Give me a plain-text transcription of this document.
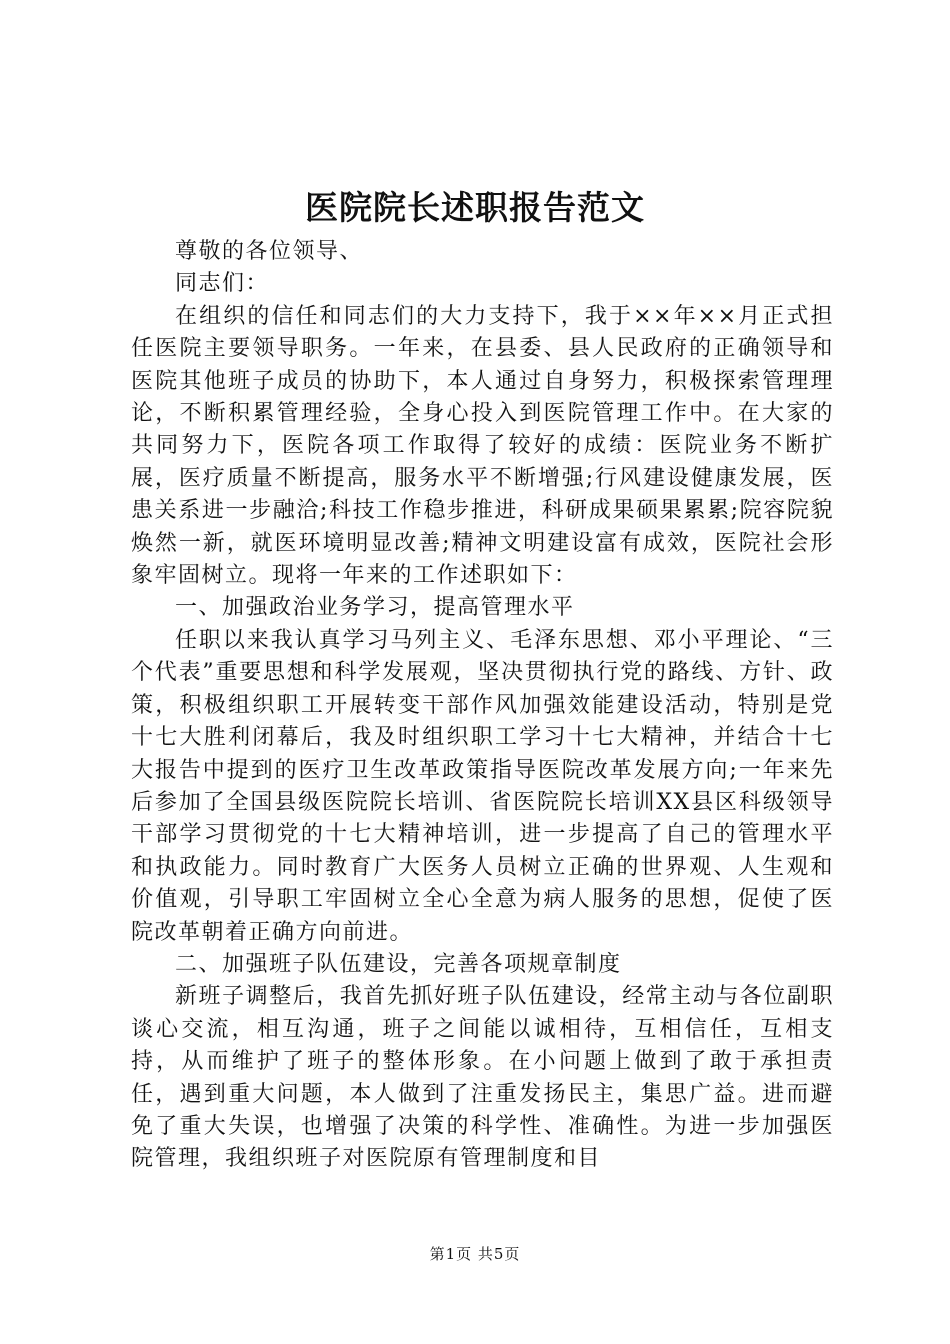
医院院长述职报告范文

尊敬的各位领导、

同志们：

在组织的信任和同志们的大力支持下，我于××年××月正式担任医院主要领导职务。一年来，在县委、县人民政府的正确领导和医院其他班子成员的协助下，本人通过自身努力，积极探索管理理论，不断积累管理经验，全身心投入到医院管理工作中。在大家的共同努力下，医院各项工作取得了较好的成绩：医院业务不断扩展，医疗质量不断提高，服务水平不断增强;行风建设健康发展，医患关系进一步融洽;科技工作稳步推进，科研成果硕果累累;院容院貌焕然一新，就医环境明显改善;精神文明建设富有成效，医院社会形象牢固树立。现将一年来的工作述职如下：

一、加强政治业务学习，提高管理水平

任职以来我认真学习马列主义、毛泽东思想、邓小平理论、“三个代表”重要思想和科学发展观，坚决贯彻执行党的路线、方针、政策，积极组织职工开展转变干部作风加强效能建设活动，特别是党十七大胜利闭幕后，我及时组织职工学习十七大精神，并结合十七大报告中提到的医疗卫生改革政策指导医院改革发展方向;一年来先后参加了全国县级医院院长培训、省医院院长培训XX县区科级领导干部学习贯彻党的十七大精神培训，进一步提高了自己的管理水平和执政能力。同时教育广大医务人员树立正确的世界观、人生观和价值观，引导职工牢固树立全心全意为病人服务的思想，促使了医院改革朝着正确方向前进。

二、加强班子队伍建设，完善各项规章制度

新班子调整后，我首先抓好班子队伍建设，经常主动与各位副职谈心交流，相互沟通，班子之间能以诚相待，互相信任，互相支持，从而维护了班子的整体形象。在小问题上做到了敢于承担责任，遇到重大问题，本人做到了注重发扬民主，集思广益。进而避免了重大失误，也增强了决策的科学性、准确性。为进一步加强医院管理，我组织班子对医院原有管理制度和目

第1页 共5页
